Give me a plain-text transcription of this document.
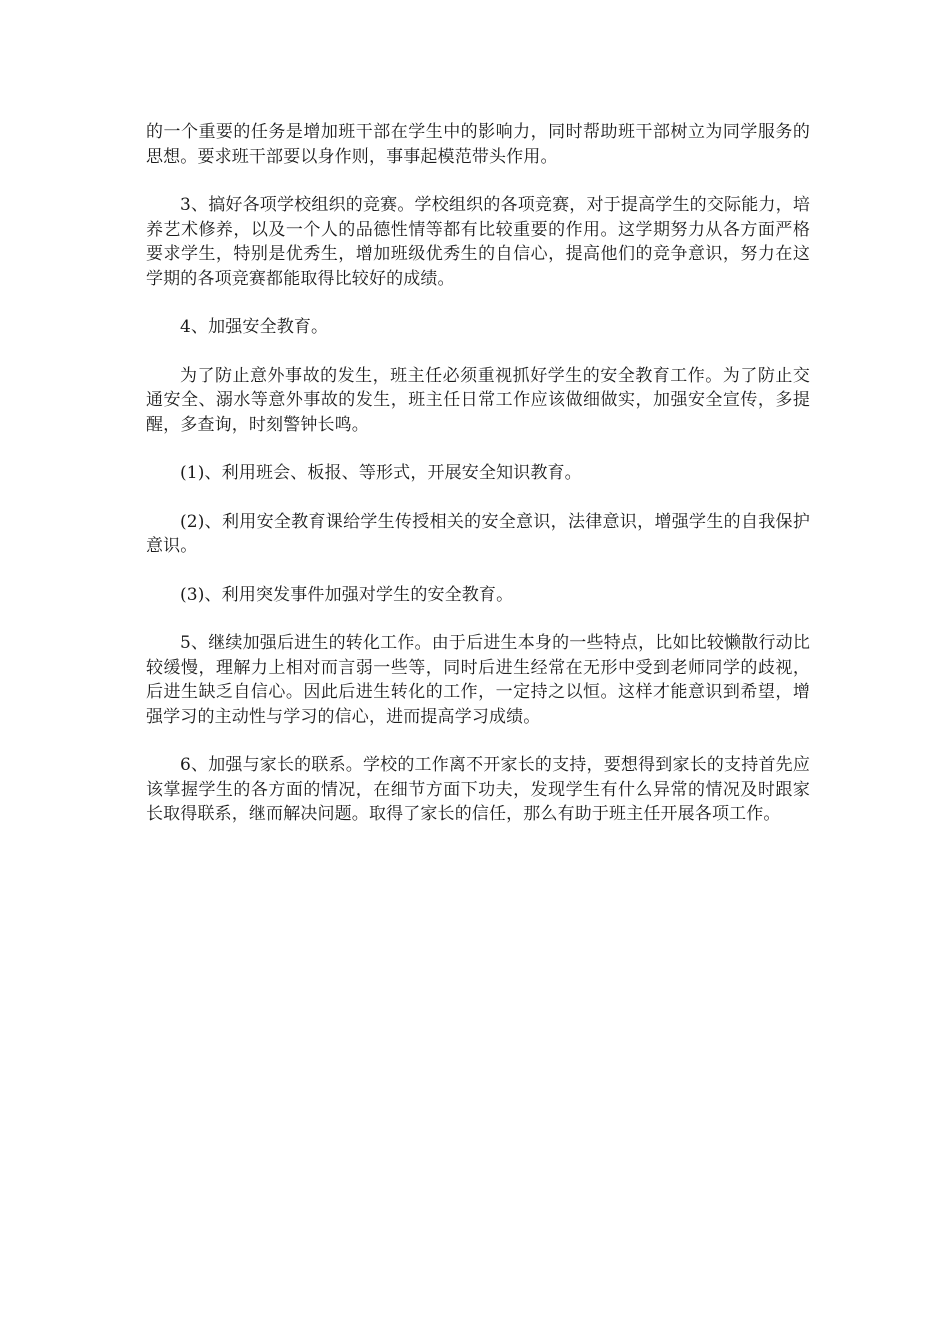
的一个重要的任务是增加班干部在学生中的影响力，同时帮助班干部树立为同学服务的思想。要求班干部要以身作则，事事起模范带头作用。

3、搞好各项学校组织的竞赛。学校组织的各项竞赛，对于提高学生的交际能力，培养艺术修养，以及一个人的品德性情等都有比较重要的作用。这学期努力从各方面严格要求学生，特别是优秀生，增加班级优秀生的自信心，提高他们的竞争意识，努力在这学期的各项竞赛都能取得比较好的成绩。

4、加强安全教育。

为了防止意外事故的发生，班主任必须重视抓好学生的安全教育工作。为了防止交通安全、溺水等意外事故的发生，班主任日常工作应该做细做实，加强安全宣传，多提醒，多查询，时刻警钟长鸣。

(1)、利用班会、板报、等形式，开展安全知识教育。

(2)、利用安全教育课给学生传授相关的安全意识，法律意识，增强学生的自我保护意识。

(3)、利用突发事件加强对学生的安全教育。

5、继续加强后进生的转化工作。由于后进生本身的一些特点，比如比较懒散行动比较缓慢，理解力上相对而言弱一些等，同时后进生经常在无形中受到老师同学的歧视，后进生缺乏自信心。因此后进生转化的工作，一定持之以恒。这样才能意识到希望，增强学习的主动性与学习的信心，进而提高学习成绩。

6、加强与家长的联系。学校的工作离不开家长的支持，要想得到家长的支持首先应该掌握学生的各方面的情况，在细节方面下功夫，发现学生有什么异常的情况及时跟家长取得联系，继而解决问题。取得了家长的信任，那么有助于班主任开展各项工作。
